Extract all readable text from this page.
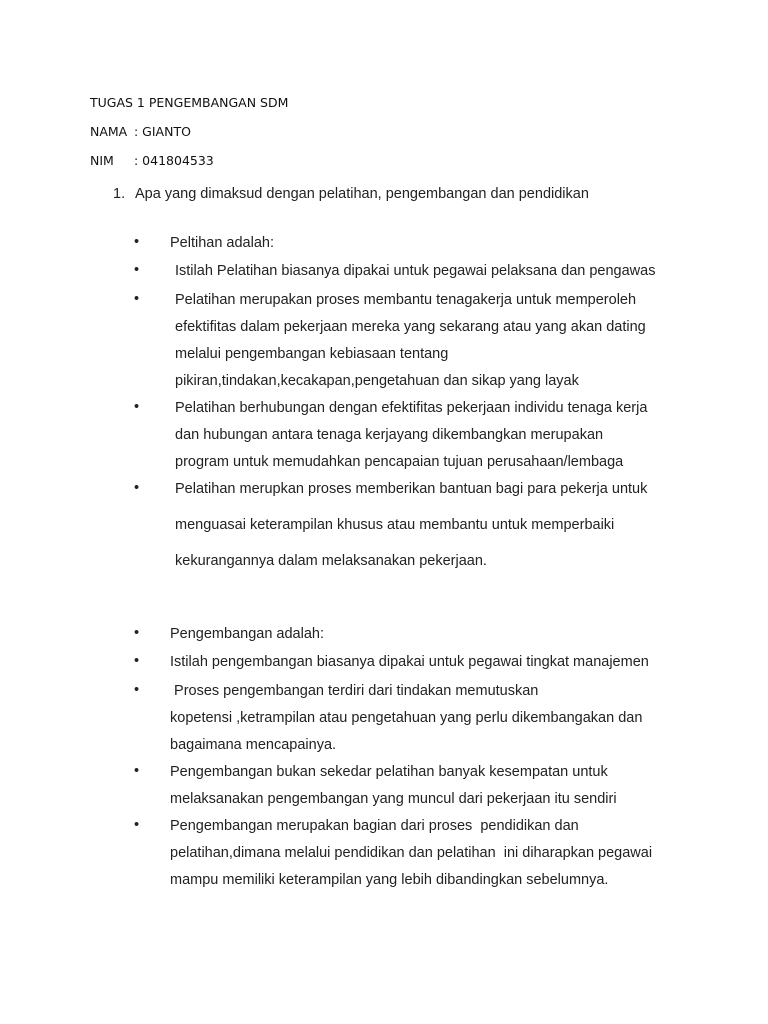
TUGAS 1 PENGEMBANGAN SDM
NAMA : GIANTO
NIM : 041804533
1. Apa yang dimaksud dengan pelatihan, pengembangan dan pendidikan
• Peltihan adalah:
• Istilah Pelatihan biasanya dipakai untuk pegawai pelaksana dan pengawas
• Pelatihan merupakan proses membantu tenagakerja untuk memperoleh
efektifitas dalam pekerjaan mereka yang sekarang atau yang akan dating
melalui pengembangan kebiasaan tentang
pikiran,tindakan,kecakapan,pengetahuan dan sikap yang layak
• Pelatihan berhubungan dengan efektifitas pekerjaan individu tenaga kerja
dan hubungan antara tenaga kerjayang dikembangkan merupakan
program untuk memudahkan pencapaian tujuan perusahaan/lembaga
• Pelatihan merupkan proses memberikan bantuan bagi para pekerja untuk
menguasai keterampilan khusus atau membantu untuk memperbaiki
kekurangannya dalam melaksanakan pekerjaan.
• Pengembangan adalah:
• Istilah pengembangan biasanya dipakai untuk pegawai tingkat manajemen
• Proses pengembangan terdiri dari tindakan memutuskan
kopetensi ,ketrampilan atau pengetahuan yang perlu dikembangakan dan
bagaimana mencapainya.
• Pengembangan bukan sekedar pelatihan banyak kesempatan untuk
melaksanakan pengembangan yang muncul dari pekerjaan itu sendiri
• Pengembangan merupakan bagian dari proses  pendidikan dan
pelatihan,dimana melalui pendidikan dan pelatihan  ini diharapkan pegawai
mampu memiliki keterampilan yang lebih dibandingkan sebelumnya.
